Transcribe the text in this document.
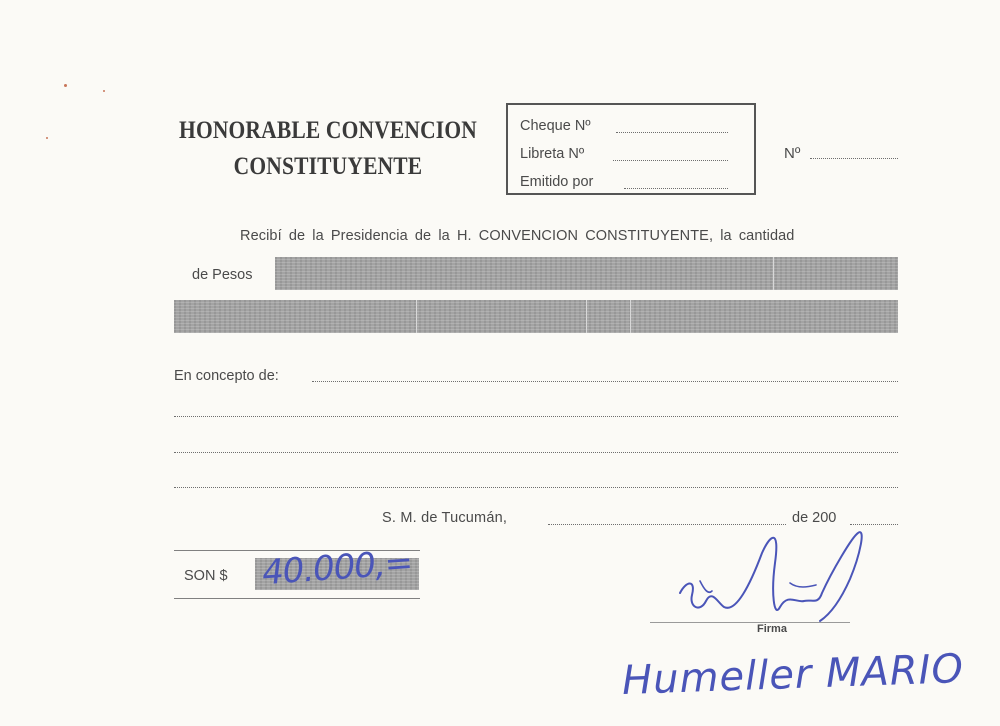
HONORABLE CONVENCION
CONSTITUYENTE
Cheque Nº
Libreta Nº
Emitido por
Nº
Recibí de la Presidencia de la H. CONVENCION CONSTITUYENTE, la cantidad
de Pesos
En concepto de:
S. M. de Tucumán,	de 200
SON $ 40.000,=
Firma
Humeller MARIO
